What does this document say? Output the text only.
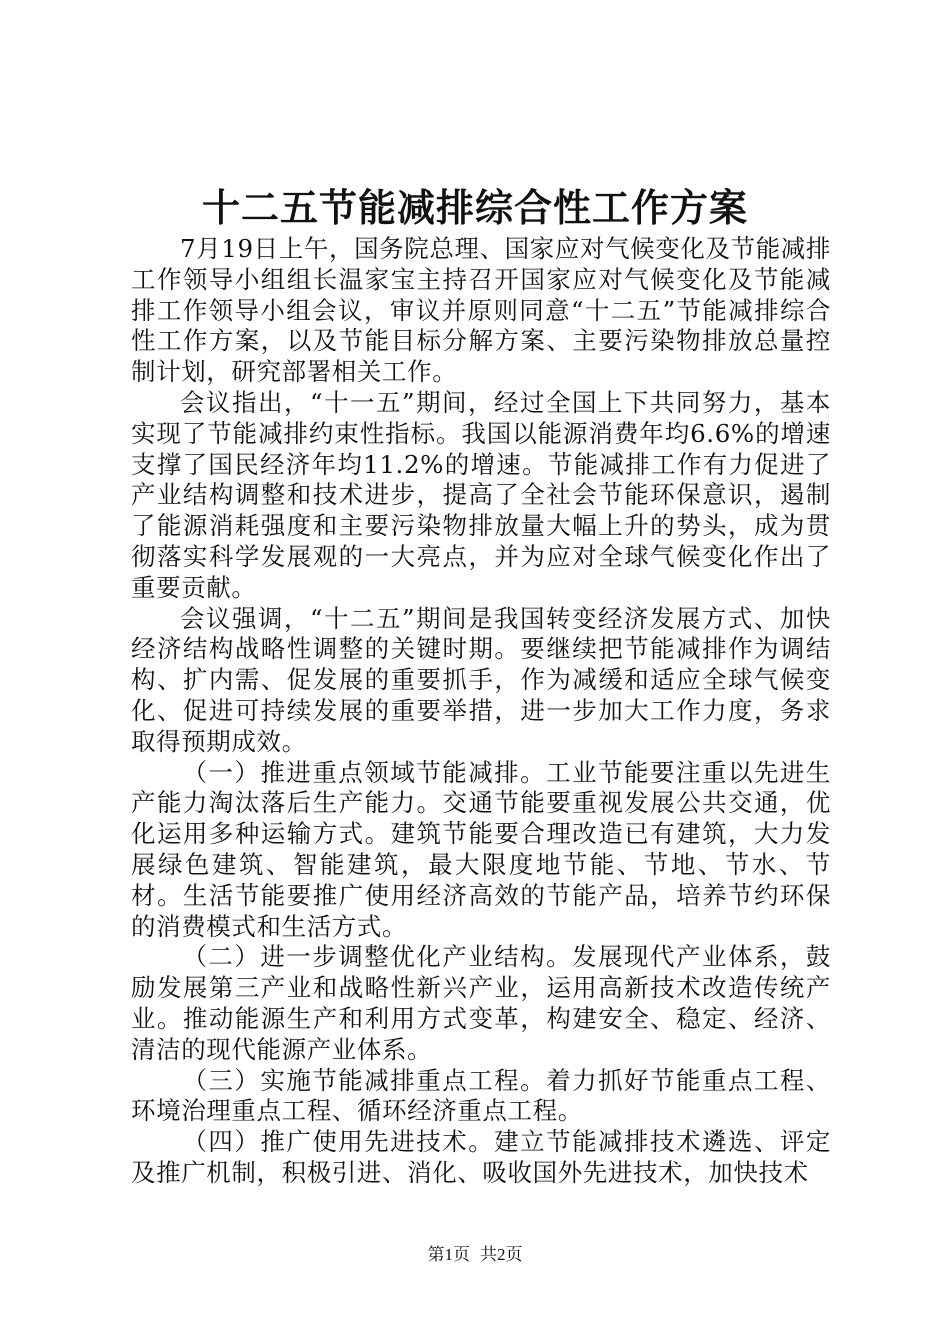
十二五节能减排综合性工作方案

7月19日上午，国务院总理、国家应对气候变化及节能减排工作领导小组组长温家宝主持召开国家应对气候变化及节能减排工作领导小组会议，审议并原则同意“十二五”节能减排综合性工作方案，以及节能目标分解方案、主要污染物排放总量控制计划，研究部署相关工作。

会议指出，“十一五”期间，经过全国上下共同努力，基本实现了节能减排约束性指标。我国以能源消费年均6.6%的增速支撑了国民经济年均11.2%的增速。节能减排工作有力促进了产业结构调整和技术进步，提高了全社会节能环保意识，遏制了能源消耗强度和主要污染物排放量大幅上升的势头，成为贯彻落实科学发展观的一大亮点，并为应对全球气候变化作出了重要贡献。

会议强调，“十二五”期间是我国转变经济发展方式、加快经济结构战略性调整的关键时期。要继续把节能减排作为调结构、扩内需、促发展的重要抓手，作为减缓和适应全球气候变化、促进可持续发展的重要举措，进一步加大工作力度，务求取得预期成效。

（一）推进重点领域节能减排。工业节能要注重以先进生产能力淘汰落后生产能力。交通节能要重视发展公共交通，优化运用多种运输方式。建筑节能要合理改造已有建筑，大力发展绿色建筑、智能建筑，最大限度地节能、节地、节水、节材。生活节能要推广使用经济高效的节能产品，培养节约环保的消费模式和生活方式。

（二）进一步调整优化产业结构。发展现代产业体系，鼓励发展第三产业和战略性新兴产业，运用高新技术改造传统产业。推动能源生产和利用方式变革，构建安全、稳定、经济、清洁的现代能源产业体系。

（三）实施节能减排重点工程。着力抓好节能重点工程、环境治理重点工程、循环经济重点工程。

（四）推广使用先进技术。建立节能减排技术遴选、评定及推广机制，积极引进、消化、吸收国外先进技术，加快技术

第1页 共2页
